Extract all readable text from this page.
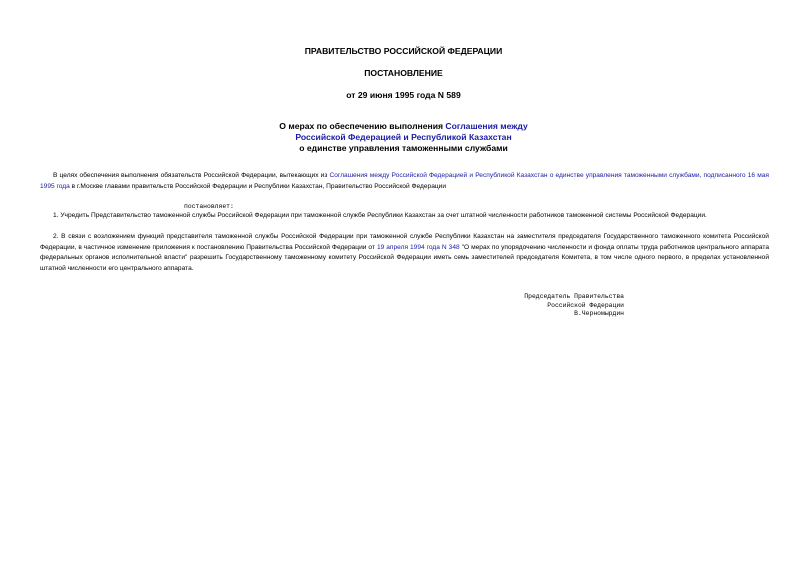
ПРАВИТЕЛЬСТВО РОССИЙСКОЙ ФЕДЕРАЦИИ
ПОСТАНОВЛЕНИЕ
от 29 июня 1995 года N 589
О мерах по обеспечению выполнения Соглашения между
Российской Федерацией и Республикой Казахстан
о единстве управления таможенными службами
В целях обеспечения выполнения обязательств Российской Федерации, вытекающих из Соглашения между Российской Федерацией и Республикой Казахстан о единстве управления таможенными службами, подписанного 16 мая 1995 года в г.Москве главами правительств Российской Федерации и Республики Казахстан, Правительство Российской Федерации
постановляет:
1. Учредить Представительство таможенной службы Российской Федерации при таможенной службе Республики Казахстан за счет штатной численности работников таможенной системы Российской Федерации.
2. В связи с возложением функций представителя таможенной службы Российской Федерации при таможенной службе Республики Казахстан на заместителя председателя Государственного таможенного комитета Российской Федерации, в частичное изменение приложения к постановлению Правительства Российской Федерации от 19 апреля 1994 года N 348 "О мерах по упорядочению численности и фонда оплаты труда работников центрального аппарата федеральных органов исполнительной власти" разрешить Государственному таможенному комитету Российской Федерации иметь семь заместителей председателя Комитета, в том числе одного первого, в пределах установленной штатной численности его центрального аппарата.
Председатель Правительства
Российской Федерации
В.Черномырдин
